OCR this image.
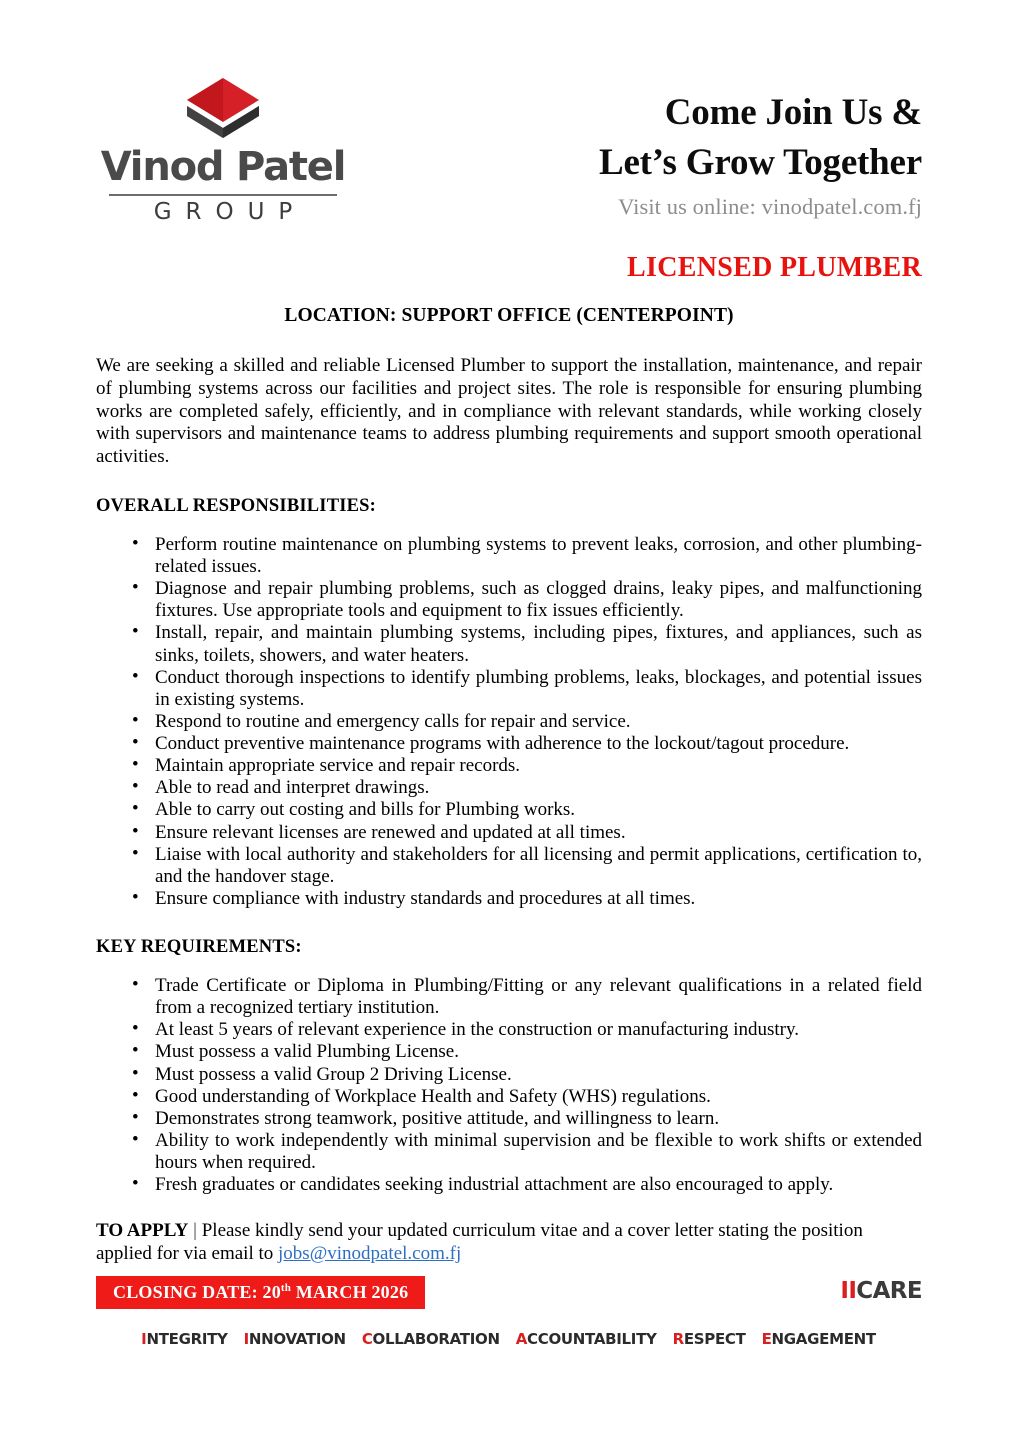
Vinod Patel
GROUP
Come Join Us &
Let’s Grow Together
Visit us online: vinodpatel.com.fj
LICENSED PLUMBER
LOCATION: SUPPORT OFFICE (CENTERPOINT)

We are seeking a skilled and reliable Licensed Plumber to support the installation, maintenance, and repair of plumbing systems across our facilities and project sites. The role is responsible for ensuring plumbing works are completed safely, efficiently, and in compliance with relevant standards, while working closely with supervisors and maintenance teams to address plumbing requirements and support smooth operational activities.

OVERALL RESPONSIBILITIES:
• Perform routine maintenance on plumbing systems to prevent leaks, corrosion, and other plumbing-related issues.
• Diagnose and repair plumbing problems, such as clogged drains, leaky pipes, and malfunctioning fixtures. Use appropriate tools and equipment to fix issues efficiently.
• Install, repair, and maintain plumbing systems, including pipes, fixtures, and appliances, such as sinks, toilets, showers, and water heaters.
• Conduct thorough inspections to identify plumbing problems, leaks, blockages, and potential issues in existing systems.
• Respond to routine and emergency calls for repair and service.
• Conduct preventive maintenance programs with adherence to the lockout/tagout procedure.
• Maintain appropriate service and repair records.
• Able to read and interpret drawings.
• Able to carry out costing and bills for Plumbing works.
• Ensure relevant licenses are renewed and updated at all times.
• Liaise with local authority and stakeholders for all licensing and permit applications, certification to, and the handover stage.
• Ensure compliance with industry standards and procedures at all times.
KEY REQUIREMENTS:
• Trade Certificate or Diploma in Plumbing/Fitting or any relevant qualifications in a related field from a recognized tertiary institution.
• At least 5 years of relevant experience in the construction or manufacturing industry.
• Must possess a valid Plumbing License.
• Must possess a valid Group 2 Driving License.
• Good understanding of Workplace Health and Safety (WHS) regulations.
• Demonstrates strong teamwork, positive attitude, and willingness to learn.
• Ability to work independently with minimal supervision and be flexible to work shifts or extended hours when required.
• Fresh graduates or candidates seeking industrial attachment are also encouraged to apply.

TO APPLY | Please kindly send your updated curriculum vitae and a cover letter stating the position applied for via email to jobs@vinodpatel.com.fj

CLOSING DATE: 20th MARCH 2026	IICARE
INTEGRITY INNOVATION COLLABORATION ACCOUNTABILITY RESPECT ENGAGEMENT
